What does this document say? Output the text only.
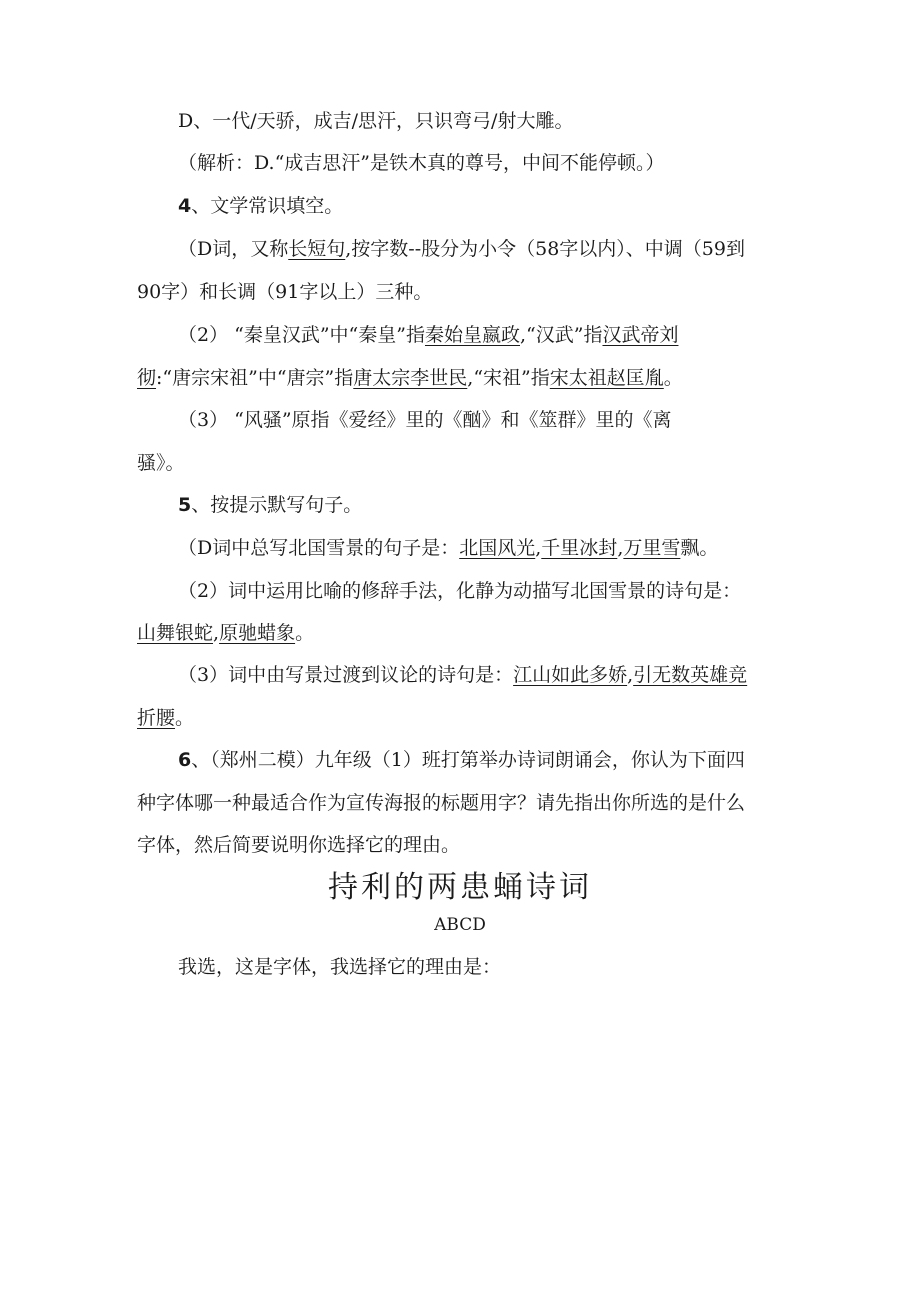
D、一代/天骄，成吉/思汗，只识弯弓/射大雕。
（解析：D.“成吉思汗”是铁木真的尊号，中间不能停顿。）
4、文学常识填空。
（D词，又称长短句,按字数--股分为小令（58字以内）、中调（59到
90字）和长调（91字以上）三种。
（2） “秦皇汉武”中“秦皇”指秦始皇嬴政,“汉武”指汉武帝刘
彻:“唐宗宋祖”中“唐宗”指唐太宗李世民,“宋祖”指宋太祖赵匡胤。
（3） “风骚”原指《爱经》里的《酗》和《筮群》里的《离
骚》。
5、按提示默写句子。
（D词中总写北国雪景的句子是：北国风光,千里冰封,万里雪飘。
（2）词中运用比喻的修辞手法，化静为动描写北国雪景的诗句是：
山舞银蛇,原驰蜡象。
（3）词中由写景过渡到议论的诗句是：江山如此多娇,引无数英雄竞
折腰。
6、（郑州二模）九年级（1）班打第举办诗词朗诵会，你认为下面四
种字体哪一种最适合作为宣传海报的标题用字？请先指出你所选的是什么
字体，然后简要说明你选择它的理由。
持利的两患蛹诗词
ABCD
我选，这是字体，我选择它的理由是：
